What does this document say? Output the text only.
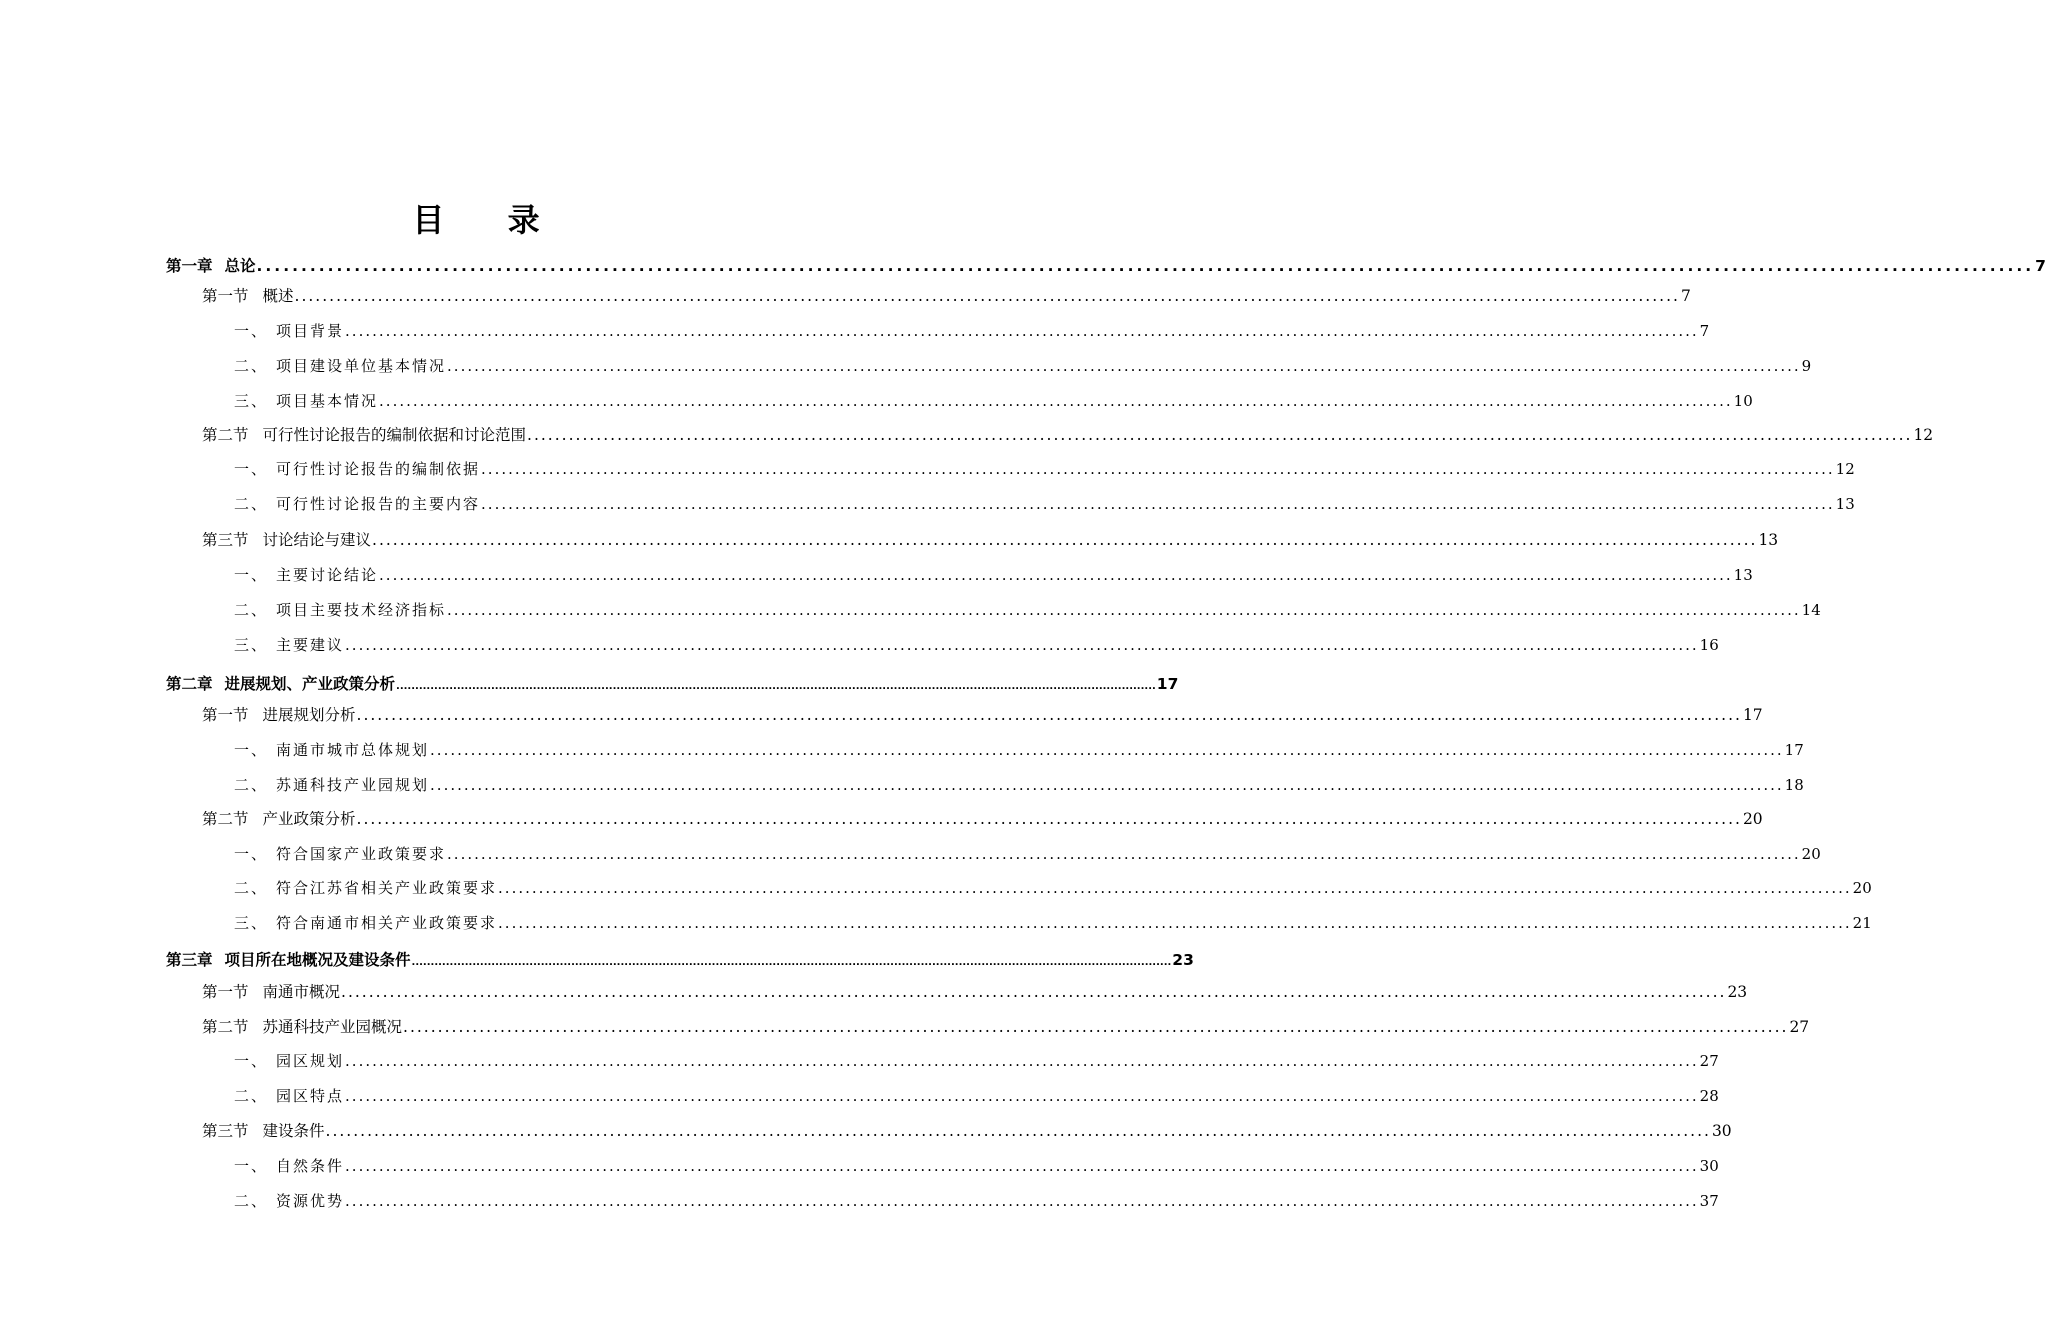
目 录
第一章 总论 ........................................................................................................................................................................................................ 7
第一节 概述 ........................................................................................................................................................................................................ 7
一、 项目背景 ........................................................................................................................................................................................................ 7
二、 项目建设单位基本情况 ........................................................................................................................................................................................................ 9
三、 项目基本情况 ........................................................................................................................................................................................................ 10
第二节 可行性讨论报告的编制依据和讨论范围 ........................................................................................................................................................................................................ 12
一、 可行性讨论报告的编制依据 ........................................................................................................................................................................................................ 12
二、 可行性讨论报告的主要内容 ........................................................................................................................................................................................................ 13
第三节 讨论结论与建议 ........................................................................................................................................................................................................ 13
一、 主要讨论结论 ........................................................................................................................................................................................................ 13
二、 项目主要技术经济指标 ........................................................................................................................................................................................................ 14
三、 主要建议 ........................................................................................................................................................................................................ 16
第二章 进展规划、产业政策分析 ........................................................................................................................................................................................................ 17
第一节 进展规划分析 ........................................................................................................................................................................................................ 17
一、 南通市城市总体规划 ........................................................................................................................................................................................................ 17
二、 苏通科技产业园规划 ........................................................................................................................................................................................................ 18
第二节 产业政策分析 ........................................................................................................................................................................................................ 20
一、 符合国家产业政策要求 ........................................................................................................................................................................................................ 20
二、 符合江苏省相关产业政策要求 ........................................................................................................................................................................................................ 20
三、 符合南通市相关产业政策要求 ........................................................................................................................................................................................................ 21
第三章 项目所在地概况及建设条件 ........................................................................................................................................................................................................ 23
第一节 南通市概况 ........................................................................................................................................................................................................ 23
第二节 苏通科技产业园概况 ........................................................................................................................................................................................................ 27
一、 园区规划 ........................................................................................................................................................................................................ 27
二、 园区特点 ........................................................................................................................................................................................................ 28
第三节 建设条件 ........................................................................................................................................................................................................ 30
一、 自然条件 ........................................................................................................................................................................................................ 30
二、 资源优势 ........................................................................................................................................................................................................ 37
